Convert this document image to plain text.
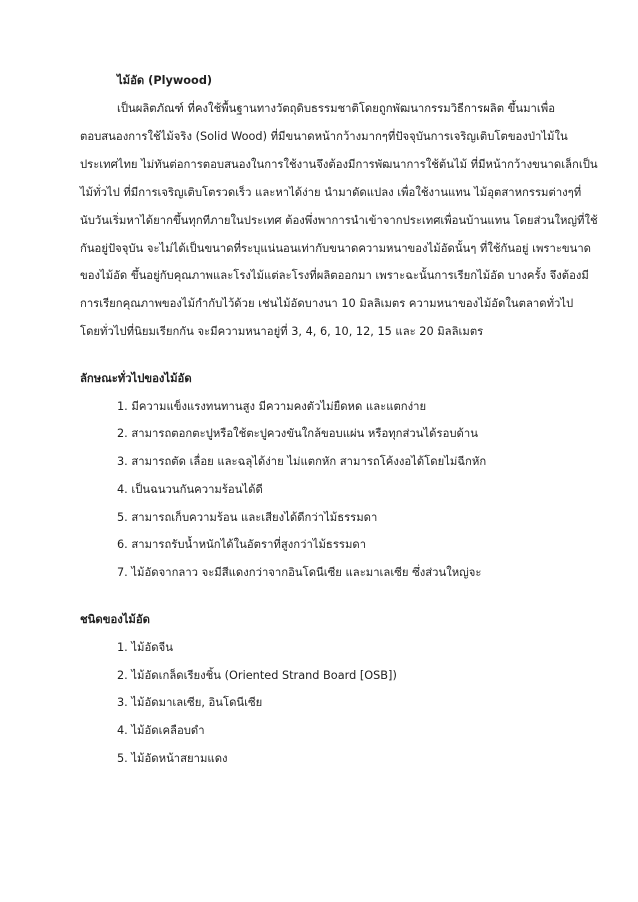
ไม้อัด (Plywood)
เป็นผลิตภัณฑ์ ที่คงใช้พื้นฐานทางวัตถุดิบธรรมชาติโดยถูกพัฒนากรรมวิธีการผลิต ขึ้นมาเพื่อ
ตอบสนองการใช้ไม้จริง (Solid Wood) ที่มีขนาดหน้ากว้างมากๆที่ปัจจุบันการเจริญเติบโตของป่าไม้ใน
ประเทศไทย ไม่ทันต่อการตอบสนองในการใช้งานจึงต้องมีการพัฒนาการใช้ต้นไม้ ที่มีหน้ากว้างขนาดเล็กเป็น
ไม้ทั่วไป ที่มีการเจริญเติบโตรวดเร็ว และหาได้ง่าย นำมาดัดแปลง เพื่อใช้งานแทน ไม้อุตสาหกรรมต่างๆที่
นับวันเริ่มหาได้ยากขึ้นทุกทีภายในประเทศ ต้องพึ่งพาการนำเข้าจากประเทศเพื่อนบ้านแทน โดยส่วนใหญ่ที่ใช้
กันอยู่ปัจจุบัน จะไม่ได้เป็นขนาดที่ระบุแน่นอนเท่ากับขนาดความหนาของไม้อัดนั้นๆ ที่ใช้กันอยู่ เพราะขนาด
ของไม้อัด ขึ้นอยู่กับคุณภาพและโรงไม้แต่ละโรงที่ผลิตออกมา เพราะฉะนั้นการเรียกไม้อัด บางครั้ง จึงต้องมี
การเรียกคุณภาพของไม้กำกับไว้ด้วย เช่นไม้อัดบางนา 10 มิลลิเมตร ความหนาของไม้อัดในตลาดทั่วไป
โดยทั่วไปที่นิยมเรียกกัน จะมีความหนาอยู่ที่ 3, 4, 6, 10, 12, 15 และ 20 มิลลิเมตร
ลักษณะทั่วไปของไม้อัด
1. มีความแข็งแรงทนทานสูง มีความคงตัวไม่ยืดหด และแตกง่าย
2. สามารถตอกตะปูหรือใช้ตะปูควงขันใกล้ขอบแผ่น หรือทุกส่วนได้รอบด้าน
3. สามารถตัด เลื่อย และฉลุได้ง่าย ไม่แตกหัก สามารถโค้งงอได้โดยไม่ฉีกหัก
4. เป็นฉนวนกันความร้อนได้ดี
5. สามารถเก็บความร้อน และเสียงได้ดีกว่าไม้ธรรมดา
6. สามารถรับน้ำหนักได้ในอัตราที่สูงกว่าไม้ธรรมดา
7. ไม้อัดจากลาว จะมีสีแดงกว่าจากอินโดนีเซีย และมาเลเซีย ซึ่งส่วนใหญ่จะ
ชนิดของไม้อัด
1. ไม้อัดจีน
2. ไม้อัดเกล็ดเรียงชิ้น (Oriented Strand Board [OSB])
3. ไม้อัดมาเลเซีย, อินโดนีเซีย
4. ไม้อัดเคลือบดำ
5. ไม้อัดหน้าสยามแดง
